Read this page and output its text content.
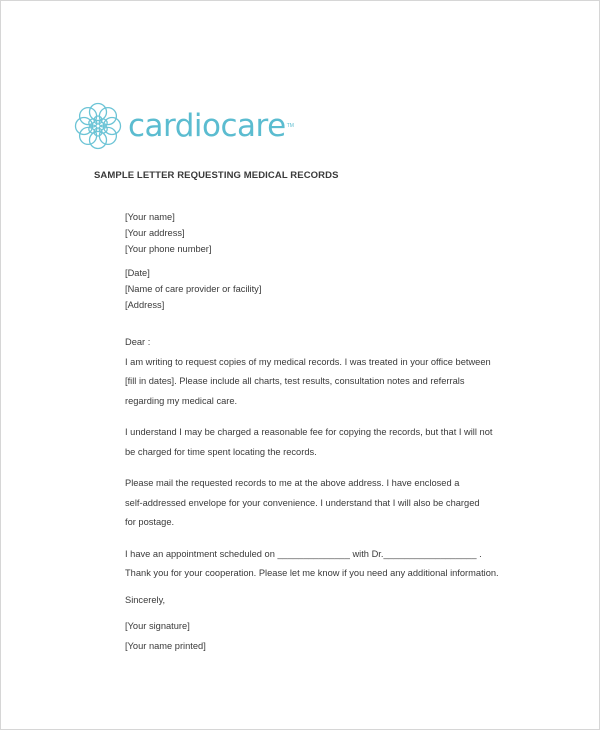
cardiocare TM
SAMPLE LETTER REQUESTING MEDICAL RECORDS
[Your name]
[Your address]
[Your phone number]
[Date]
[Name of care provider or facility]
[Address]
Dear :
I am writing to request copies of my medical records. I was treated in your office between
[fill in dates]. Please include all charts, test results, consultation notes and referrals
regarding my medical care.
I understand I may be charged a reasonable fee for copying the records, but that I will not
be charged for time spent locating the records.
Please mail the requested records to me at the above address. I have enclosed a
self-addressed envelope for your convenience. I understand that I will also be charged
for postage.
I have an appointment scheduled on ______________ with Dr.__________________ .
Thank you for your cooperation. Please let me know if you need any additional information.
Sincerely,
[Your signature]
[Your name printed]
